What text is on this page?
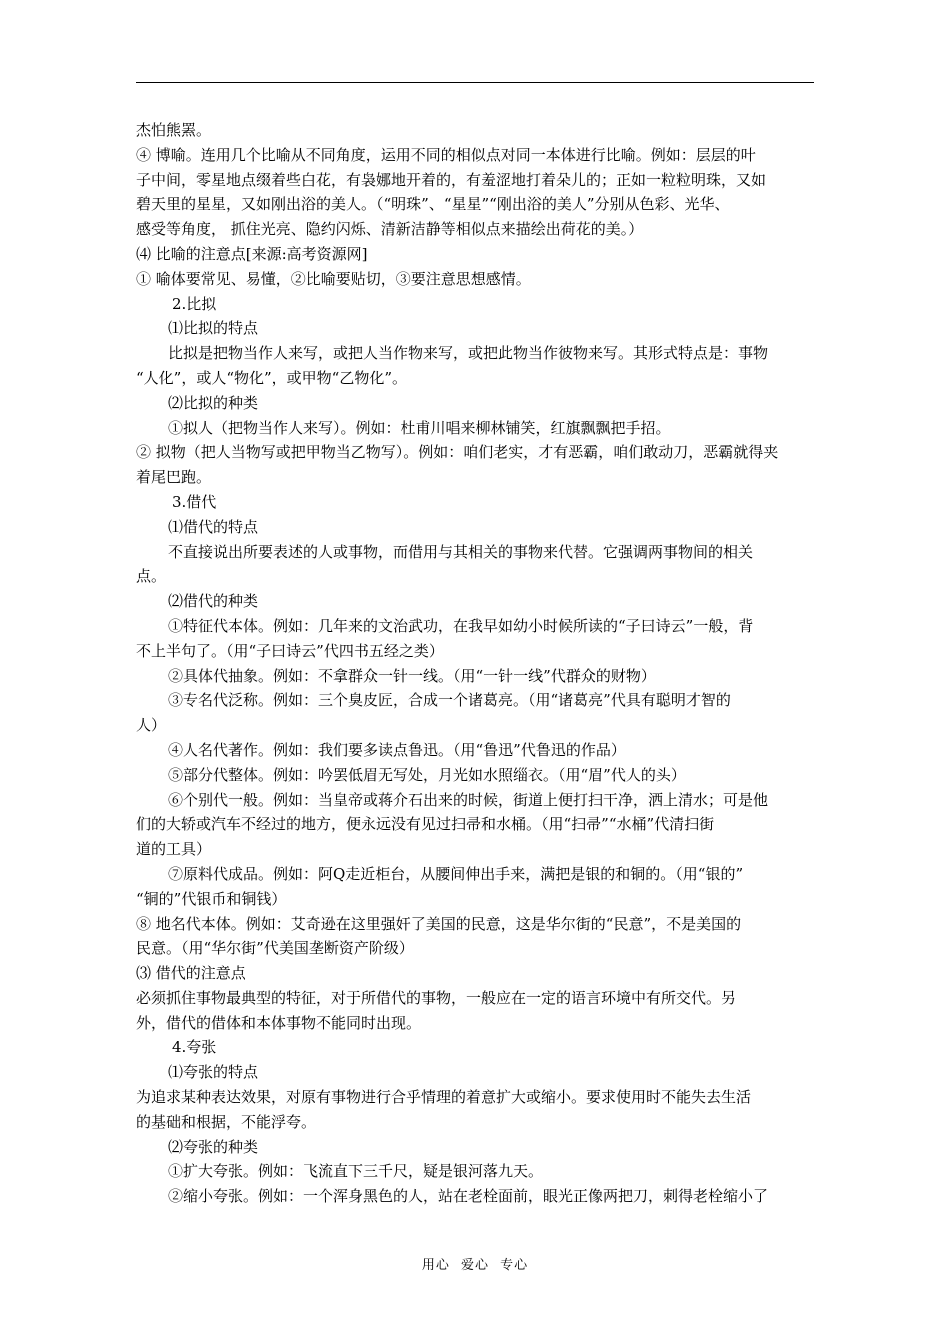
杰怕熊罴。
④ 博喻。连用几个比喻从不同角度，运用不同的相似点对同一本体进行比喻。例如：层层的叶
子中间，零星地点缀着些白花，有袅娜地开着的，有羞涩地打着朵儿的；正如一粒粒明珠，又如
碧天里的星星，又如刚出浴的美人。（“明珠”、“星星”“刚出浴的美人”分别从色彩、光华、
感受等角度， 抓住光亮、隐约闪烁、清新洁静等相似点来描绘出荷花的美。）
⑷ 比喻的注意点[来源:高考资源网]
① 喻体要常见、易懂，②比喻要贴切，③要注意思想感情。
2.比拟
⑴比拟的特点
比拟是把物当作人来写，或把人当作物来写，或把此物当作彼物来写。其形式特点是：事物
“人化”，或人“物化”，或甲物“乙物化”。
⑵比拟的种类
①拟人（把物当作人来写）。例如：杜甫川唱来柳林铺笑，红旗飘飘把手招。
② 拟物（把人当物写或把甲物当乙物写）。例如：咱们老实，才有恶霸，咱们敢动刀，恶霸就得夹
着尾巴跑。
3.借代
⑴借代的特点
不直接说出所要表述的人或事物，而借用与其相关的事物来代替。它强调两事物间的相关
点。
⑵借代的种类
①特征代本体。例如：几年来的文治武功，在我早如幼小时候所读的“子曰诗云”一般，背
不上半句了。（用“子曰诗云”代四书五经之类）
②具体代抽象。例如：不拿群众一针一线。（用“一针一线”代群众的财物）
③专名代泛称。例如：三个臭皮匠，合成一个诸葛亮。（用“诸葛亮”代具有聪明才智的
人）
④人名代著作。例如：我们要多读点鲁迅。（用“鲁迅”代鲁迅的作品）
⑤部分代整体。例如：吟罢低眉无写处，月光如水照缁衣。（用“眉”代人的头）
⑥个别代一般。例如：当皇帝或蒋介石出来的时候，街道上便打扫干净，洒上清水；可是他
们的大轿或汽车不经过的地方，便永远没有见过扫帚和水桶。（用“扫帚”“水桶”代清扫街
道的工具）
⑦原料代成品。例如：阿Q走近柜台，从腰间伸出手来，满把是银的和铜的。（用“银的”
“铜的”代银币和铜钱）
⑧ 地名代本体。例如：艾奇逊在这里强奸了美国的民意，这是华尔街的“民意”，不是美国的
民意。（用“华尔街”代美国垄断资产阶级）
⑶ 借代的注意点
必须抓住事物最典型的特征，对于所借代的事物，一般应在一定的语言环境中有所交代。另
外，借代的借体和本体事物不能同时出现。
4.夸张
⑴夸张的特点
为追求某种表达效果，对原有事物进行合乎情理的着意扩大或缩小。要求使用时不能失去生活
的基础和根据，不能浮夸。
⑵夸张的种类
①扩大夸张。例如：飞流直下三千尺，疑是银河落九天。
②缩小夸张。例如：一个浑身黑色的人，站在老栓面前，眼光正像两把刀，刺得老栓缩小了
用心 爱心 专心
